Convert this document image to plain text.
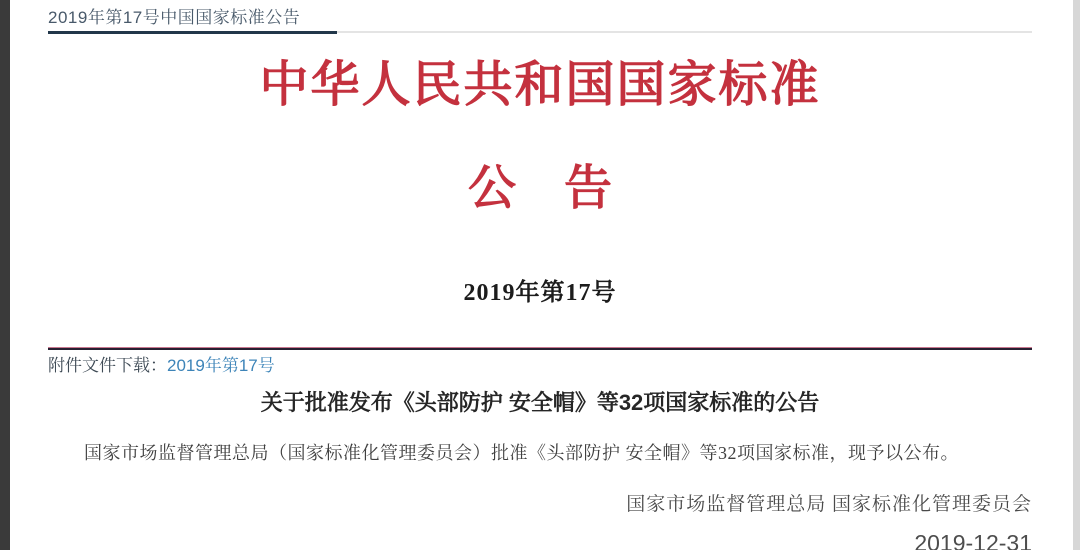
2019年第17号中国国家标准公告
中华人民共和国国家标准
公　告
2019年第17号
附件文件下载：2019年第17号
关于批准发布《头部防护 安全帽》等32项国家标准的公告
国家市场监督管理总局（国家标准化管理委员会）批准《头部防护 安全帽》等32项国家标准，现予以公布。
国家市场监督管理总局 国家标准化管理委员会
2019-12-31
